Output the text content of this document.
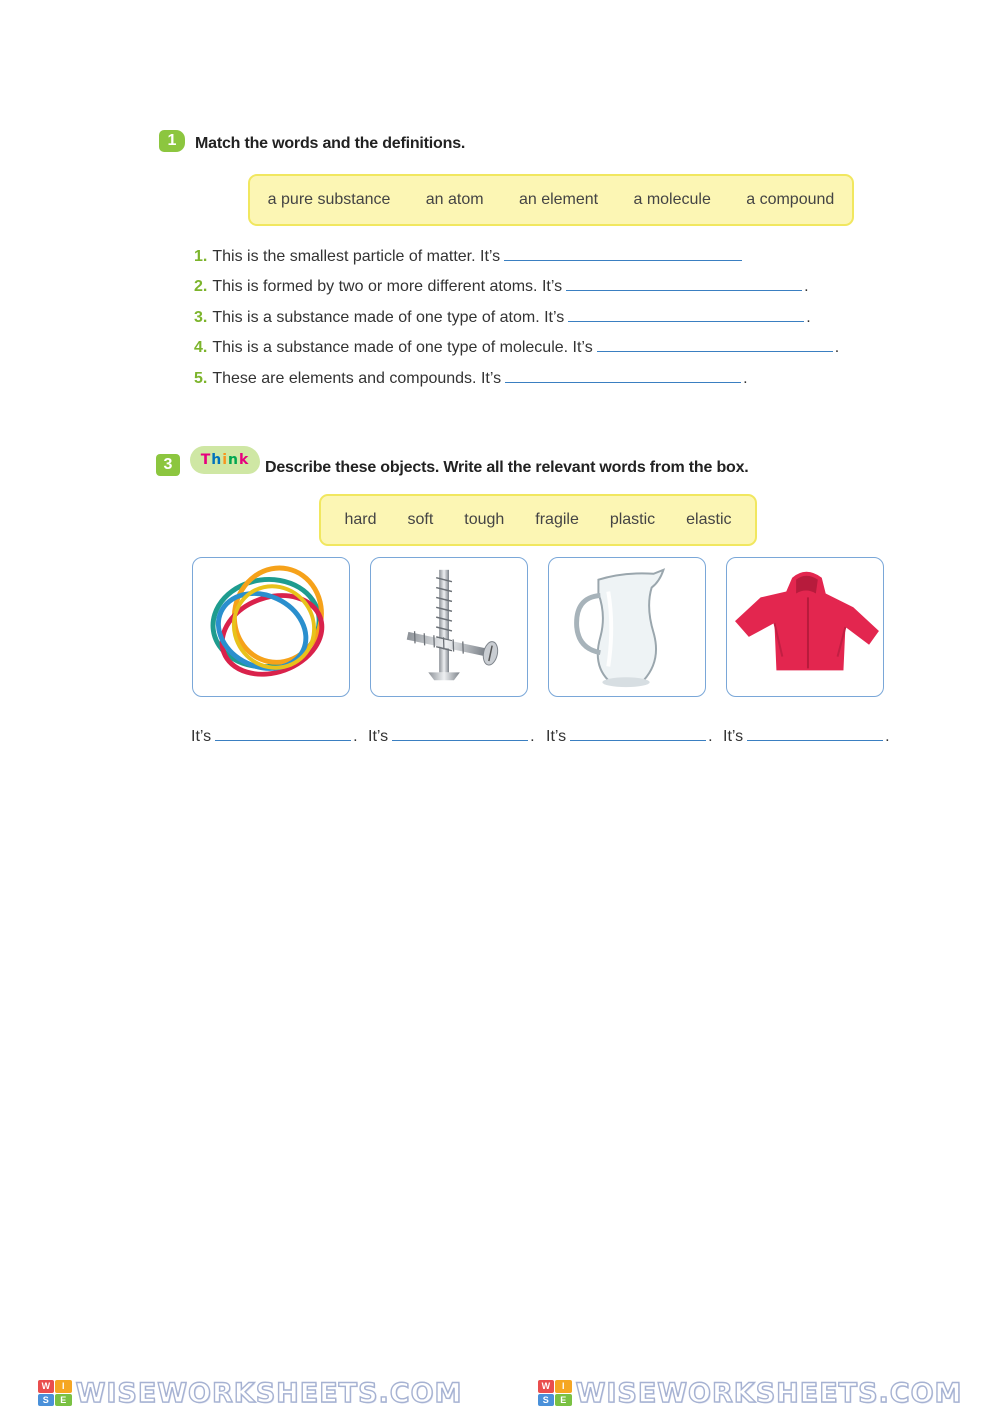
1	Match the words and the definitions.
a pure substance an atom an element a molecule a compound
1. This is the smallest particle of matter. It’s
2. This is formed by two or more different atoms. It’s	.
3. This is a substance made of one type of atom. It’s	.
4. This is a substance made of one type of molecule. It’s	.
5. These are elements and compounds. It’s	.
3	T h i n k Describe these objects. Write all the relevant words from the box.
hard soft tough fragile plastic elastic
It’s	. It’s	. It’s	. It’s	.
W	I
S	E WISEWORKSHEETS.COM	W	I
S	E WISEWORKSHEETS.COM
